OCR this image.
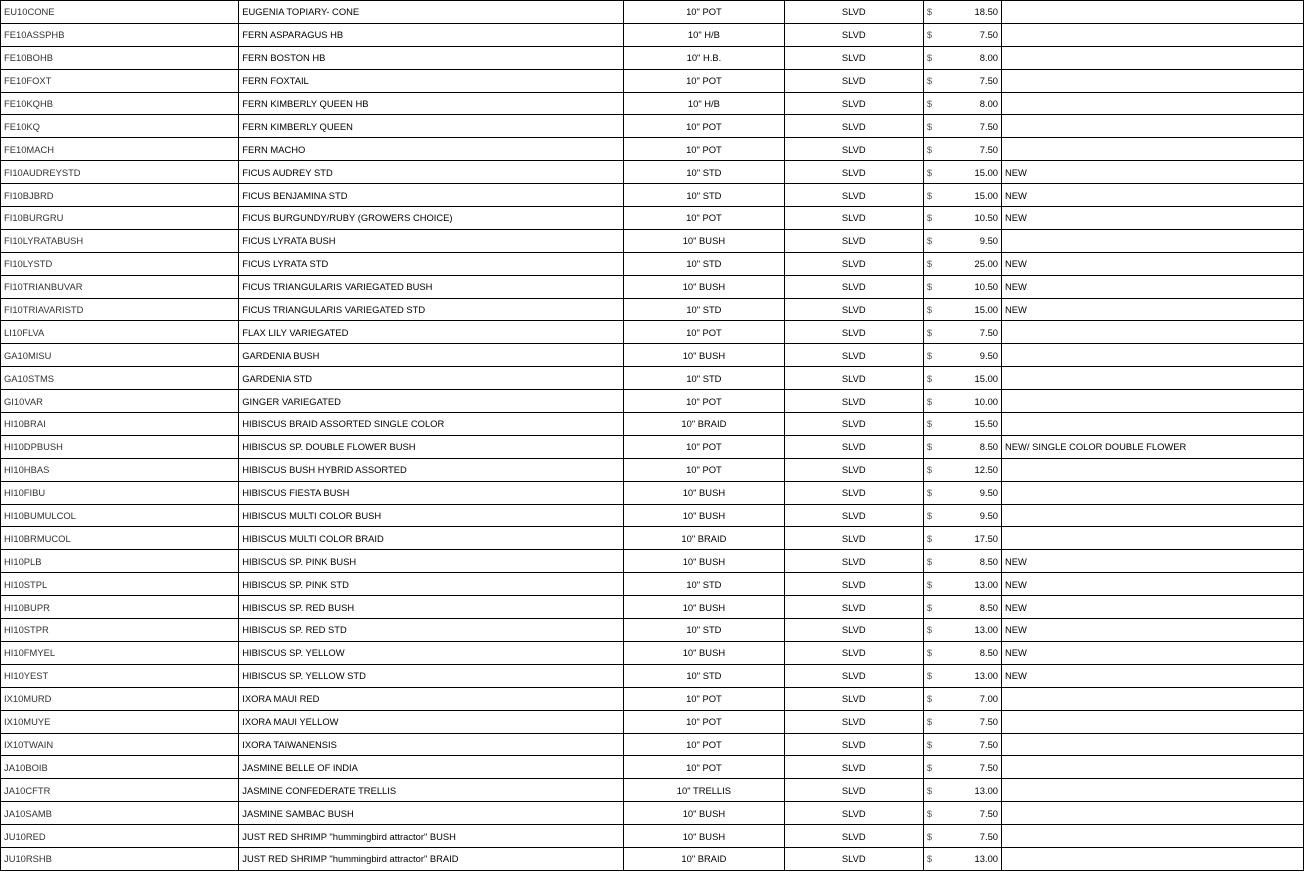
EU10CONE	EUGENIA TOPIARY- CONE	10" POT	SLVD	$ 18.50	

FE10ASSPHB	FERN ASPARAGUS HB	10" H/B	SLVD	$ 7.50	

FE10BOHB	FERN BOSTON HB	10" H.B.	SLVD	$ 8.00	

FE10FOXT	FERN FOXTAIL	10" POT	SLVD	$ 7.50	

FE10KQHB	FERN KIMBERLY QUEEN HB	10" H/B	SLVD	$ 8.00	

FE10KQ	FERN KIMBERLY QUEEN	10" POT	SLVD	$ 7.50	

FE10MACH	FERN MACHO	10" POT	SLVD	$ 7.50	

FI10AUDREYSTD	FICUS AUDREY STD	10" STD	SLVD	$ 15.00	NEW
FI10BJBRD	FICUS BENJAMINA STD	10" STD	SLVD	$ 15.00	NEW
FI10BURGRU	FICUS BURGUNDY/RUBY (GROWERS CHOICE)	10" POT	SLVD	$ 10.50	NEW
FI10LYRATABUSH	FICUS LYRATA BUSH	10" BUSH	SLVD	$ 9.50	

FI10LYSTD	FICUS LYRATA STD	10" STD	SLVD	$ 25.00	NEW
FI10TRIANBUVAR	FICUS TRIANGULARIS VARIEGATED BUSH	10" BUSH	SLVD	$ 10.50	NEW
FI10TRIAVARISTD	FICUS TRIANGULARIS VARIEGATED STD	10" STD	SLVD	$ 15.00	NEW
LI10FLVA	FLAX LILY VARIEGATED	10" POT	SLVD	$ 7.50	

GA10MISU	GARDENIA BUSH	10" BUSH	SLVD	$ 9.50	

GA10STMS	GARDENIA STD	10" STD	SLVD	$ 15.00	

GI10VAR	GINGER VARIEGATED	10" POT	SLVD	$ 10.00	

HI10BRAI	HIBISCUS BRAID ASSORTED SINGLE COLOR	10" BRAID	SLVD	$ 15.50	

HI10DPBUSH	HIBISCUS SP. DOUBLE FLOWER BUSH	10" POT	SLVD	$ 8.50	NEW/ SINGLE COLOR DOUBLE FLOWER
HI10HBAS	HIBISCUS BUSH HYBRID ASSORTED	10" POT	SLVD	$ 12.50	

HI10FIBU	HIBISCUS FIESTA BUSH	10" BUSH	SLVD	$ 9.50	

HI10BUMULCOL	HIBISCUS MULTI COLOR BUSH	10" BUSH	SLVD	$ 9.50	

HI10BRMUCOL	HIBISCUS MULTI COLOR BRAID	10" BRAID	SLVD	$ 17.50	

HI10PLB	HIBISCUS SP. PINK BUSH	10" BUSH	SLVD	$ 8.50	NEW
HI10STPL	HIBISCUS SP. PINK STD	10" STD	SLVD	$ 13.00	NEW
HI10BUPR	HIBISCUS SP. RED BUSH	10" BUSH	SLVD	$ 8.50	NEW
HI10STPR	HIBISCUS SP. RED STD	10" STD	SLVD	$ 13.00	NEW
HI10FMYEL	HIBISCUS SP. YELLOW	10" BUSH	SLVD	$ 8.50	NEW
HI10YEST	HIBISCUS SP. YELLOW STD	10" STD	SLVD	$ 13.00	NEW
IX10MURD	IXORA MAUI RED	10" POT	SLVD	$ 7.00	

IX10MUYE	IXORA MAUI YELLOW	10" POT	SLVD	$ 7.50	

IX10TWAIN	IXORA TAIWANENSIS	10" POT	SLVD	$ 7.50	

JA10BOIB	JASMINE BELLE OF INDIA	10" POT	SLVD	$ 7.50	

JA10CFTR	JASMINE CONFEDERATE TRELLIS	10" TRELLIS	SLVD	$ 13.00	

JA10SAMB	JASMINE SAMBAC BUSH	10" BUSH	SLVD	$ 7.50	

JU10RED	JUST RED SHRIMP "hummingbird attractor" BUSH	10" BUSH	SLVD	$ 7.50	

JU10RSHB	JUST RED SHRIMP "hummingbird attractor" BRAID	10" BRAID	SLVD	$ 13.00	
